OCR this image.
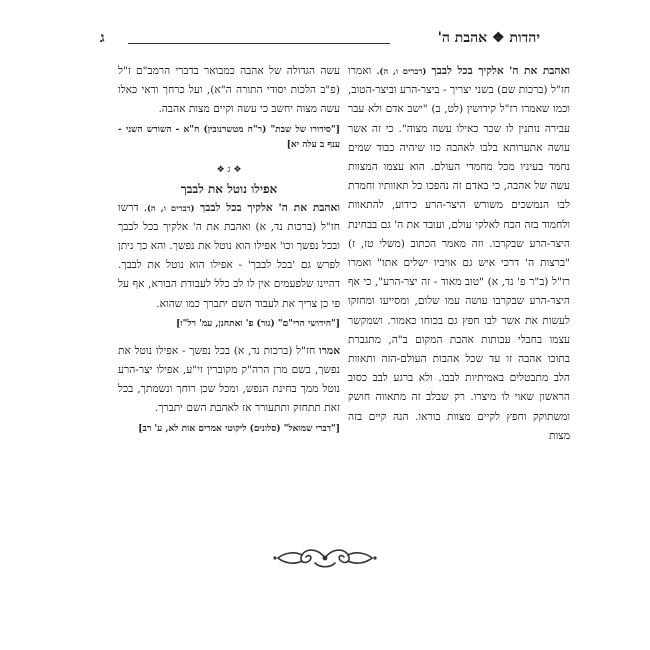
יהדות ❖ אהבת ה'
ג

ואהבת את ה' אלקיך בכל לבבך (דברים ו, ה). ואמרו חז"ל (ברכות שם) בשני יצריך - ביצר-הרע וביצר-הטוב, וכמו שאמרו רז"ל קידושין (לט, ב) "ישב אדם ולא עבר עבירה נותנין לו שכר כאילו עשה מצוה". כי זה אשר עושה אתערותא בלבו לאהבה כזו שיהיה כבוד שמים נחמד בעיניו מכל מחמדי העולם. הוא עצמו המצוות עשה של אהבה, כי באדם זה נהפכו כל תאוותיו וחמדת לבו הנמשכים משורש היצר-הרע כידוע, להתאוות ולחמוד בזה הכח לאלקי עולם, ועובד את ה' גם בבחינת היצר-הרע שבקרבו. וזה מאמר הכתוב (משלי טז, ז) "ברצות ה' דרכי איש גם אויביו ישלים אתו" ואמרו רז"ל (ב"ר פ' נד, א) "טוב מאוד - זה יצר-הרע", כי אף היצר-הרע שבקרבו עושה עמו שלום, ומסייעו ומחזקו לעשות את אשר לבו חפץ גם בכוחו כאמור. ושמקשר עצמו בחבלי עבותות אהבת המקום ב"ה, מתגברת בתוכו אהבה זו עד שכל אהבות העולם-הזה ותאוות הלב מתבטלים באמיתיות לבבו. ולא ברגע לבב כסוב הראשון שאוי לו מיצרו. רק שבלב זה מתאווה חושק ומשתוקק וחפץ לקיים מצוות בוראו. הנה קיים בזה מצות

עשה הגדולה של אהבה כמבואר בדברי הרמב"ם ז"ל (פ"ב הלכות יסודי התורה ה"א), ועל כרחך ודאי כאלו עשה מצוה יחשב כי עשה וקיים מצות אהבה.

["סידורו של שבת" (ר"ח מטשרנובין) ח"א - השורש השני - ענף ב עלה יא]

❖ ג ❖

אפילו נוטל את לבבך

ואהבת את ה' אלקיך בכל לבבך (דברים ו, ה). דרשו חז"ל (ברכות נד, א) ואהבת את ה' אלקיך בכל לבבך ובכל נפשך וכו' אפילו הוא נוטל את נפשך. והא כך ניתן לפרש גם 'בכל לבבך' - אפילו הוא נוטל את לבבך. דהיינו שלפעמים אין לו לב כלל לעבודת הבורא, אף על פי כן צריך את לעבוד השם יתברך כמו שהוא.

["חידושי הרי"ם" (גור) פ' ואתחנן, עמ' רל"ו]

אמרו חז"ל (ברכות נד, א) בכל נפשך - אפילו נוטל את נפשך, בשם מרן הרה"ק מקוברין זי"ע, אפילו יצר-הרע נוטל ממך בחינת הנפש, ומכל שכן רוחך ונשמתך, בכל זאת תתחזק ותתעורר אז לאהבת השם יתברך.

["דברי שמואל" (סלונים) ליקוטי אמרים אות לא, ע' רב]
